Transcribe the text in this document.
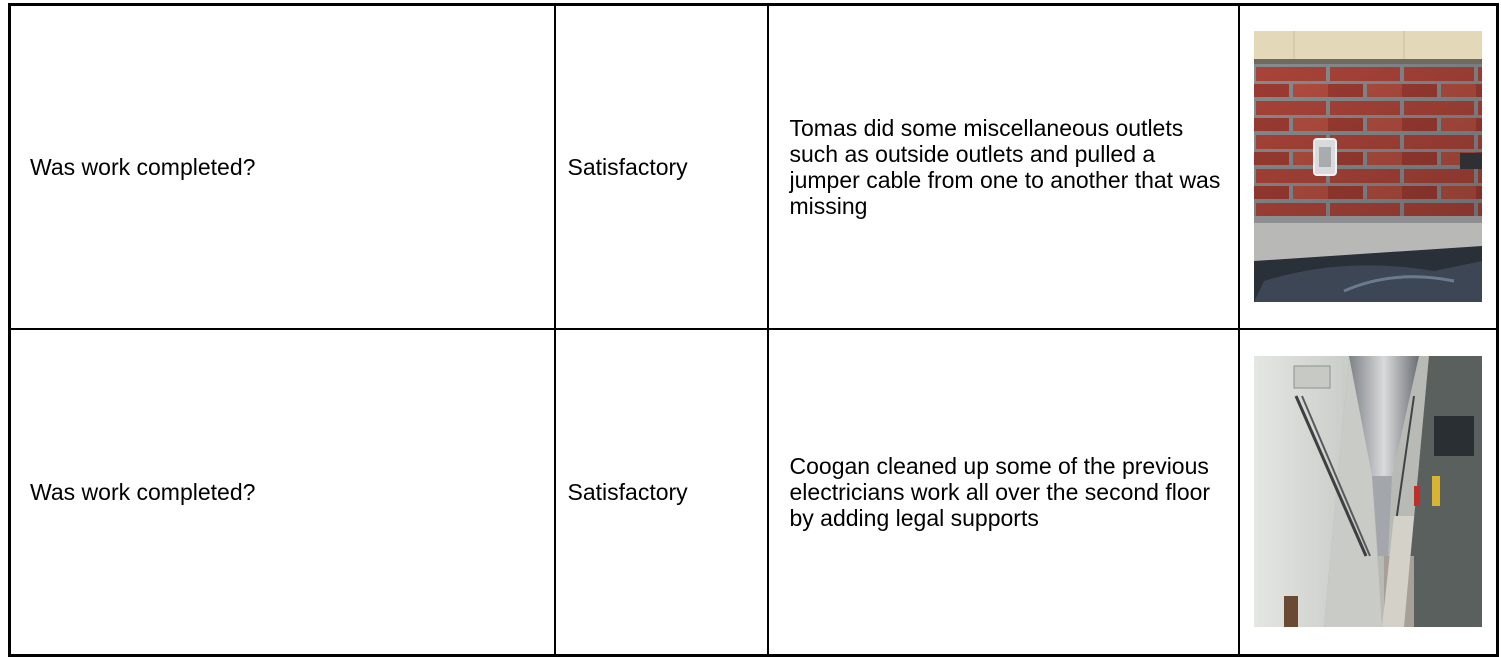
Was work completed?	Satisfactory	Tomas did some miscellaneous outlets such as outside outlets and pulled a jumper cable from one to another that was missing

Was work completed?	Satisfactory	Coogan cleaned up some of the previous electricians work all over the second floor by adding legal supports
